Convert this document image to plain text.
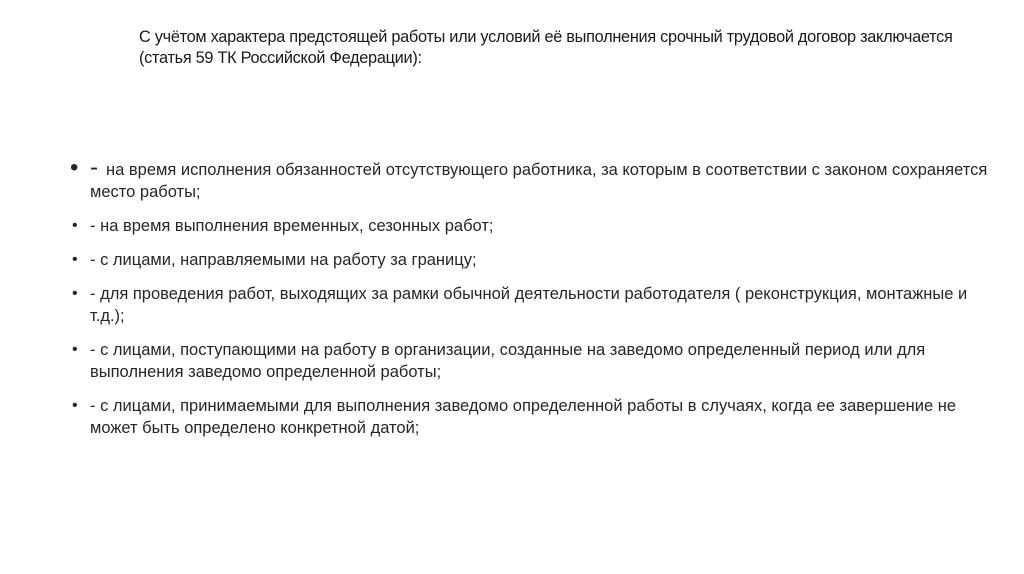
С учётом характера предстоящей работы или условий её выполнения срочный трудовой договор заключается (статья 59 ТК Российской Федерации):
• - на время исполнения обязанностей отсутствующего работника, за которым в соответствии с законом сохраняется место работы;
• - на время выполнения временных, сезонных работ;
• - с лицами, направляемыми на работу за границу;
• - для проведения работ, выходящих за рамки обычной деятельности работодателя ( реконструкция, монтажные и т.д.);
• - с лицами, поступающими на работу в организации, созданные на заведомо определенный период или для выполнения заведомо определенной работы;
• - с лицами, принимаемыми для выполнения заведомо определенной работы в случаях, когда ее завершение не может быть определено конкретной датой;
